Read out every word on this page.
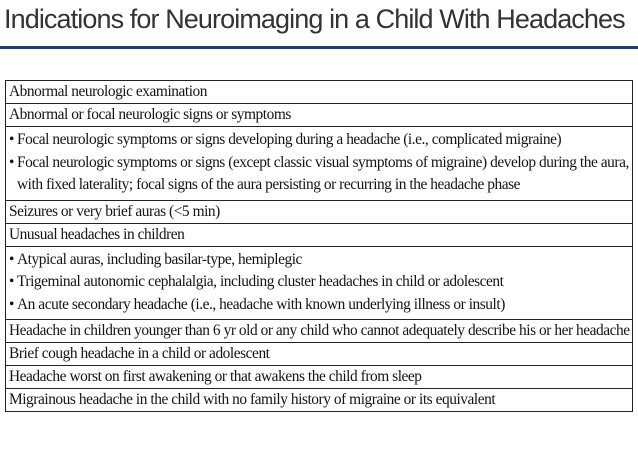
Indications for Neuroimaging in a Child With Headaches
Abnormal neurologic examination
Abnormal or focal neurologic signs or symptoms
• Focal neurologic symptoms or signs developing during a headache (i.e., complicated migraine)
• Focal neurologic symptoms or signs (except classic visual symptoms of migraine) develop during the aura, with fixed laterality; focal signs of the aura persisting or recurring in the headache phase
Seizures or very brief auras (<5 min)
Unusual headaches in children
• Atypical auras, including basilar-type, hemiplegic
• Trigeminal autonomic cephalalgia, including cluster headaches in child or adolescent
• An acute secondary headache (i.e., headache with known underlying illness or insult)
Headache in children younger than 6 yr old or any child who cannot adequately describe his or her headache
Brief cough headache in a child or adolescent
Headache worst on first awakening or that awakens the child from sleep
Migrainous headache in the child with no family history of migraine or its equivalent
